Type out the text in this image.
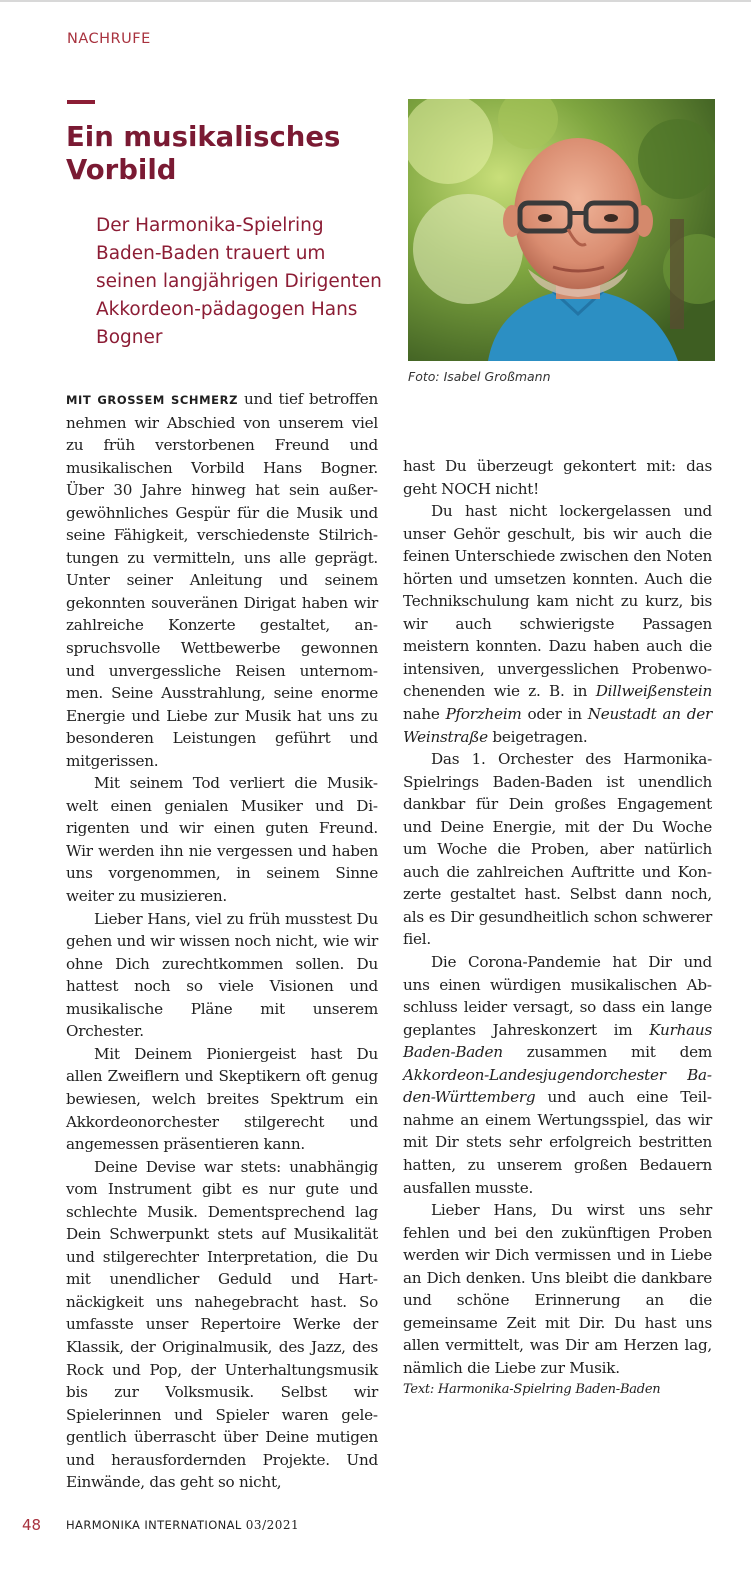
NACHRUFE
Ein musikalisches Vorbild

Der Harmonika-Spielring Baden-Baden trauert um seinen langjährigen Dirigenten Akkordeon-pädagogen Hans Bogner

Foto: Isabel Großmann

MIT GROSSEM SCHMERZ und tief betroffen nehmen wir Abschied von unserem viel zu früh verstorbenen Freund und musikalischen Vorbild Hans Bogner. Über 30 Jahre hinweg hat sein außergewöhnliches Gespür für die Musik und seine Fähigkeit, verschiedenste Stilrichtungen zu vermitteln, uns alle geprägt. Unter seiner Anleitung und seinem gekonnten souveränen Dirigat haben wir zahlreiche Konzerte gestaltet, anspruchsvolle Wettbewerbe gewonnen und unvergessliche Reisen unternommen. Seine Ausstrahlung, seine enorme Energie und Liebe zur Musik hat uns zu besonderen Leistungen geführt und mitgerissen.

Mit seinem Tod verliert die Musikwelt einen genialen Musiker und Dirigenten und wir einen guten Freund. Wir werden ihn nie vergessen und haben uns vorgenommen, in seinem Sinne weiter zu musizieren.

Lieber Hans, viel zu früh musstest Du gehen und wir wissen noch nicht, wie wir ohne Dich zurechtkommen sollen. Du hattest noch so viele Visionen und musikalische Pläne mit unserem Orchester.

Mit Deinem Pioniergeist hast Du allen Zweiflern und Skeptikern oft genug bewiesen, welch breites Spektrum ein Akkordeonorchester stilgerecht und angemessen präsentieren kann.

Deine Devise war stets: unabhängig vom Instrument gibt es nur gute und schlechte Musik. Dementsprechend lag Dein Schwerpunkt stets auf Musikalität und stilgerechter Interpretation, die Du mit unendlicher Geduld und Hartnäckigkeit uns nahegebracht hast. So umfasste unser Repertoire Werke der Klassik, der Originalmusik, des Jazz, des Rock und Pop, der Unterhaltungsmusik bis zur Volksmusik. Selbst wir Spielerinnen und Spieler waren gelegentlich überrascht über Deine mutigen und herausfordernden Projekte. Und Einwände, das geht so nicht,

hast Du überzeugt gekontert mit: das geht NOCH nicht!

Du hast nicht lockergelassen und unser Gehör geschult, bis wir auch die feinen Unterschiede zwischen den Noten hörten und umsetzen konnten. Auch die Technikschulung kam nicht zu kurz, bis wir auch schwierigste Passagen meistern konnten. Dazu haben auch die intensiven, unvergesslichen Probenwochenenden wie z. B. in Dillweißenstein nahe Pforzheim oder in Neustadt an der Weinstraße beigetragen.

Das 1. Orchester des Harmonika-Spielrings Baden-Baden ist unendlich dankbar für Dein großes Engagement und Deine Energie, mit der Du Woche um Woche die Proben, aber natürlich auch die zahlreichen Auftritte und Konzerte gestaltet hast. Selbst dann noch, als es Dir gesundheitlich schon schwerer fiel.

Die Corona-Pandemie hat Dir und uns einen würdigen musikalischen Abschluss leider versagt, so dass ein lange geplantes Jahreskonzert im Kurhaus Baden-Baden zusammen mit dem Akkordeon-Landesjugendorchester Baden-Württemberg und auch eine Teilnahme an einem Wertungsspiel, das wir mit Dir stets sehr erfolgreich bestritten hatten, zu unserem großen Bedauern ausfallen musste.

Lieber Hans, Du wirst uns sehr fehlen und bei den zukünftigen Proben werden wir Dich vermissen und in Liebe an Dich denken. Uns bleibt die dankbare und schöne Erinnerung an die gemeinsame Zeit mit Dir. Du hast uns allen vermittelt, was Dir am Herzen lag, nämlich die Liebe zur Musik.

Text: Harmonika-Spielring Baden-Baden

48 HARMONIKA INTERNATIONAL 03/2021
